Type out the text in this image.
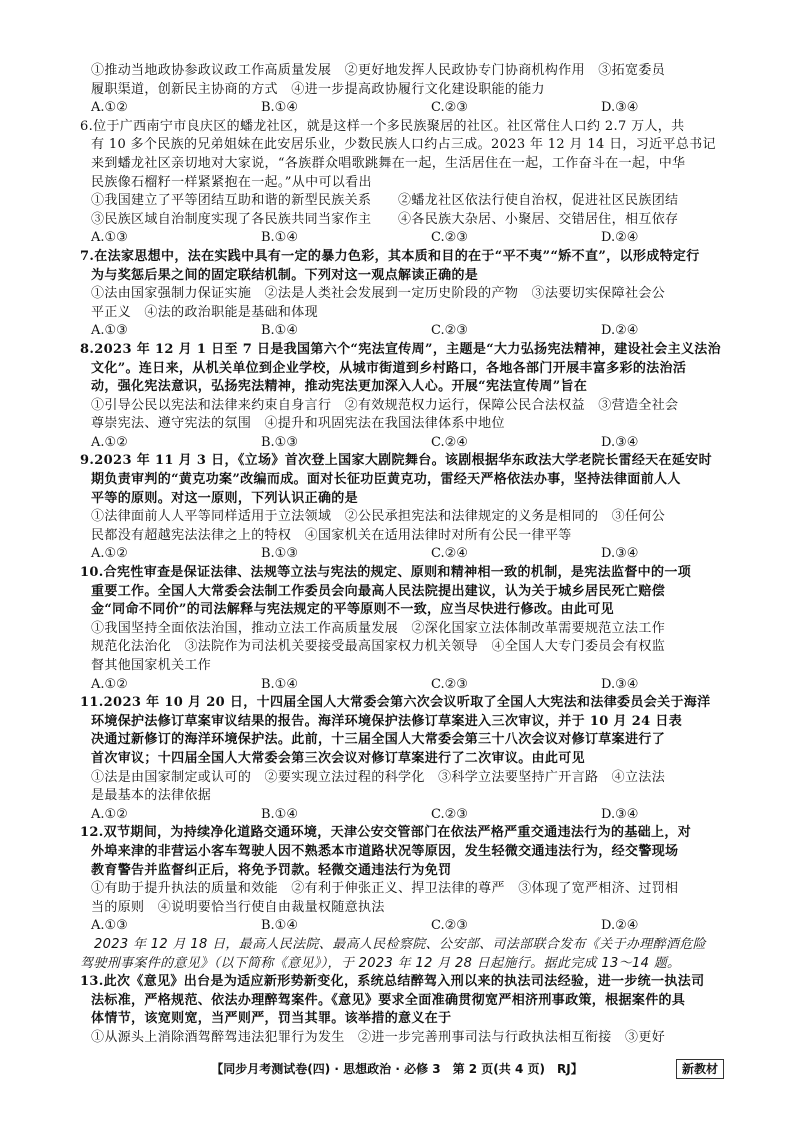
①推动当地政协参政议政工作高质量发展　②更好地发挥人民政协专门协商机构作用　③拓宽委员
履职渠道，创新民主协商的方式　④进一步提高政协履行文化建设职能的能力
A.①②	B.①④	C.②③	D.③④
6.位于广西南宁市良庆区的蟠龙社区，就是这样一个多民族聚居的社区。社区常住人口约 2.7 万人，共
有 10 多个民族的兄弟姐妹在此安居乐业，少数民族人口约占三成。2023 年 12 月 14 日，习近平总书记
来到蟠龙社区亲切地对大家说，“各族群众唱歌跳舞在一起，生活居住在一起，工作奋斗在一起，中华
民族像石榴籽一样紧紧抱在一起。”从中可以看出
①我国建立了平等团结互助和谐的新型民族关系　　②蟠龙社区依法行使自治权，促进社区民族团结
③民族区域自治制度实现了各民族共同当家作主　　④各民族大杂居、小聚居、交错居住，相互依存
A.①③	B.①④	C.②③	D.②④
7.在法家思想中，法在实践中具有一定的暴力色彩，其本质和目的在于“平不夷”“矫不直”，以形成特定行
为与奖惩后果之间的固定联结机制。下列对这一观点解读正确的是
①法由国家强制力保证实施　②法是人类社会发展到一定历史阶段的产物　③法要切实保障社会公
平正义　④法的政治职能是基础和体现
A.①③	B.①④	C.②③	D.②④
8.2023 年 12 月 1 日至 7 日是我国第六个“宪法宣传周”，主题是“大力弘扬宪法精神，建设社会主义法治
文化”。连日来，从机关单位到企业学校，从城市街道到乡村路口，各地各部门开展丰富多彩的法治活
动，强化宪法意识，弘扬宪法精神，推动宪法更加深入人心。开展“宪法宣传周”旨在
①引导公民以宪法和法律来约束自身言行　②有效规范权力运行，保障公民合法权益　③营造全社会
尊崇宪法、遵守宪法的氛围　④提升和巩固宪法在我国法律体系中地位
A.①②	B.①③	C.②④	D.③④
9.2023 年 11 月 3 日，《立场》首次登上国家大剧院舞台。该剧根据华东政法大学老院长雷经天在延安时
期负责审判的“黄克功案”改编而成。面对长征功臣黄克功，雷经天严格依法办事，坚持法律面前人人
平等的原则。对这一原则，下列认识正确的是
①法律面前人人平等同样适用于立法领域　②公民承担宪法和法律规定的义务是相同的　③任何公
民都没有超越宪法法律之上的特权　④国家机关在适用法律时对所有公民一律平等
A.①②	B.①③	C.②④	D.③④
10.合宪性审查是保证法律、法规等立法与宪法的规定、原则和精神相一致的机制，是宪法监督中的一项
重要工作。全国人大常委会法制工作委员会向最高人民法院提出建议，认为关于城乡居民死亡赔偿
金“同命不同价”的司法解释与宪法规定的平等原则不一致，应当尽快进行修改。由此可见
①我国坚持全面依法治国，推动立法工作高质量发展　②深化国家立法体制改革需要规范立法工作
规范化法治化　③法院作为司法机关要接受最高国家权力机关领导　④全国人大专门委员会有权监
督其他国家机关工作
A.①②	B.①④	C.②③	D.③④
11.2023 年 10 月 20 日，十四届全国人大常委会第六次会议听取了全国人大宪法和法律委员会关于海洋
环境保护法修订草案审议结果的报告。海洋环境保护法修订草案进入三次审议，并于 10 月 24 日表
决通过新修订的海洋环境保护法。此前，十三届全国人大常委会第三十八次会议对修订草案进行了
首次审议；十四届全国人大常委会第三次会议对修订草案进行了二次审议。由此可见
①法是由国家制定或认可的　②要实现立法过程的科学化　③科学立法要坚持广开言路　④立法法
是最基本的法律依据
A.①②	B.①④	C.②③	D.③④
12.双节期间，为持续净化道路交通环境，天津公安交管部门在依法严格严重交通违法行为的基础上，对
外埠来津的非营运小客车驾驶人因不熟悉本市道路状况等原因，发生轻微交通违法行为，经交警现场
教育警告并监督纠正后，将免予罚款。轻微交通违法行为免罚
①有助于提升执法的质量和效能　②有利于伸张正义、捍卫法律的尊严　③体现了宽严相济、过罚相
当的原则　④说明要恰当行使自由裁量权随意执法
A.①③	B.①④	C.②③	D.②④
2023 年 12 月 18 日，最高人民法院、最高人民检察院、公安部、司法部联合发布《关于办理醉酒危险
驾驶刑事案件的意见》（以下简称《意见》），于 2023 年 12 月 28 日起施行。据此完成 13～14 题。
13.此次《意见》出台是为适应新形势新变化，系统总结醉驾入刑以来的执法司法经验，进一步统一执法司
法标准，严格规范、依法办理醉驾案件。《意见》要求全面准确贯彻宽严相济刑事政策，根据案件的具
体情节，该宽则宽，当严则严，罚当其罪。该举措的意义在于
①从源头上消除酒驾醉驾违法犯罪行为发生　②进一步完善刑事司法与行政执法相互衔接　③更好
【同步月考测试卷(四) · 思想政治 · 必修 3　第 2 页(共 4 页)　RJ】	新教材
